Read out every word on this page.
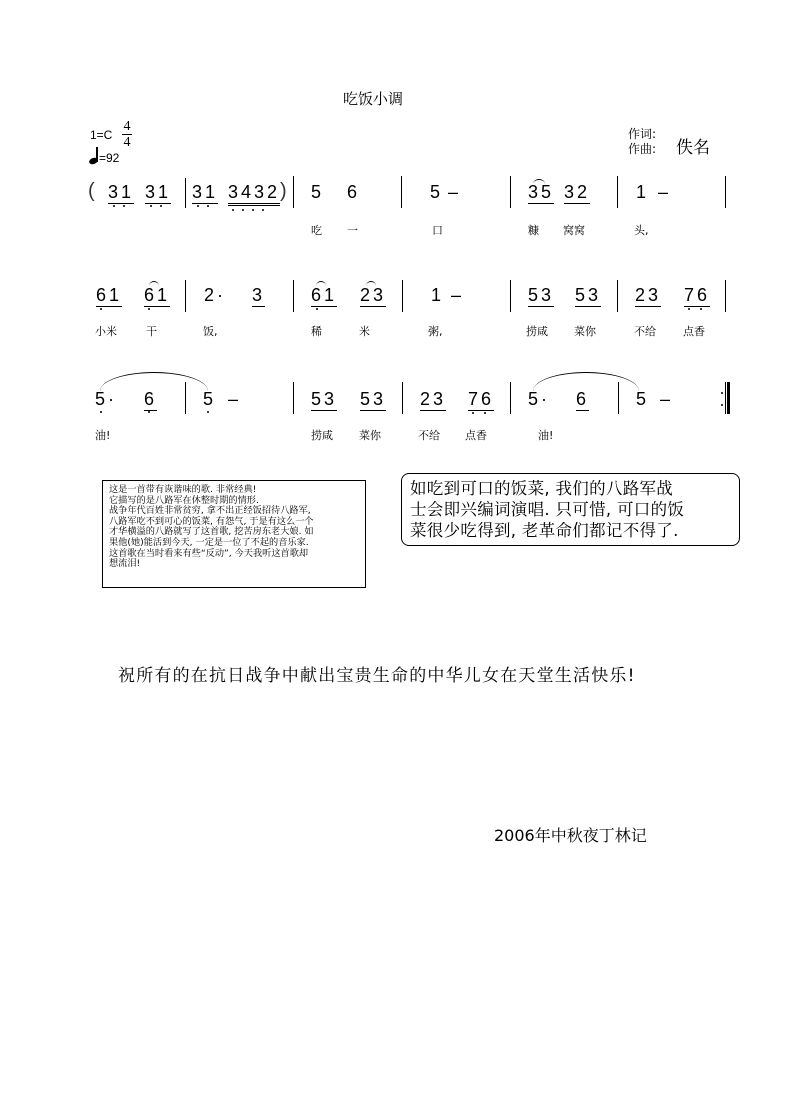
吃饭小调
1=C
4
4
=92
作词:
作曲: 佚名
( 31 31 31 3432 ) 5 6	5 –	35 32	1 –
吃 一	口	糠 窝窝	头,
61 61 2· 3	61 23 1 –	53 53 23 76
小米	干	饭,	稀	米	粥,	捞咸 菜你	不给 点香
5· 6	5 –	53 53 23 76 5· 6	5 –
油!	捞咸 菜你	不给 点香	油!
这是一首带有诙谐味的歌. 非常经典!
它描写的是八路军在休整时期的情形.
战争年代百姓非常贫穷, 拿不出正经饭招待八路军,
八路军吃不到可心的饭菜, 有怨气, 于是有这么一个
才华横溢的八路就写了这首歌, 挖苦房东老大娘. 如
果他(她)能活到今天, 一定是一位了不起的音乐家.
这首歌在当时看来有些“反动”, 今天我听这首歌却
想流泪!
如吃到可口的饭菜, 我们的八路军战
士会即兴编词演唱. 只可惜, 可口的饭
菜很少吃得到, 老革命们都记不得了.
祝所有的在抗日战争中献出宝贵生命的中华儿女在天堂生活快乐!
2006年中秋夜丁林记
